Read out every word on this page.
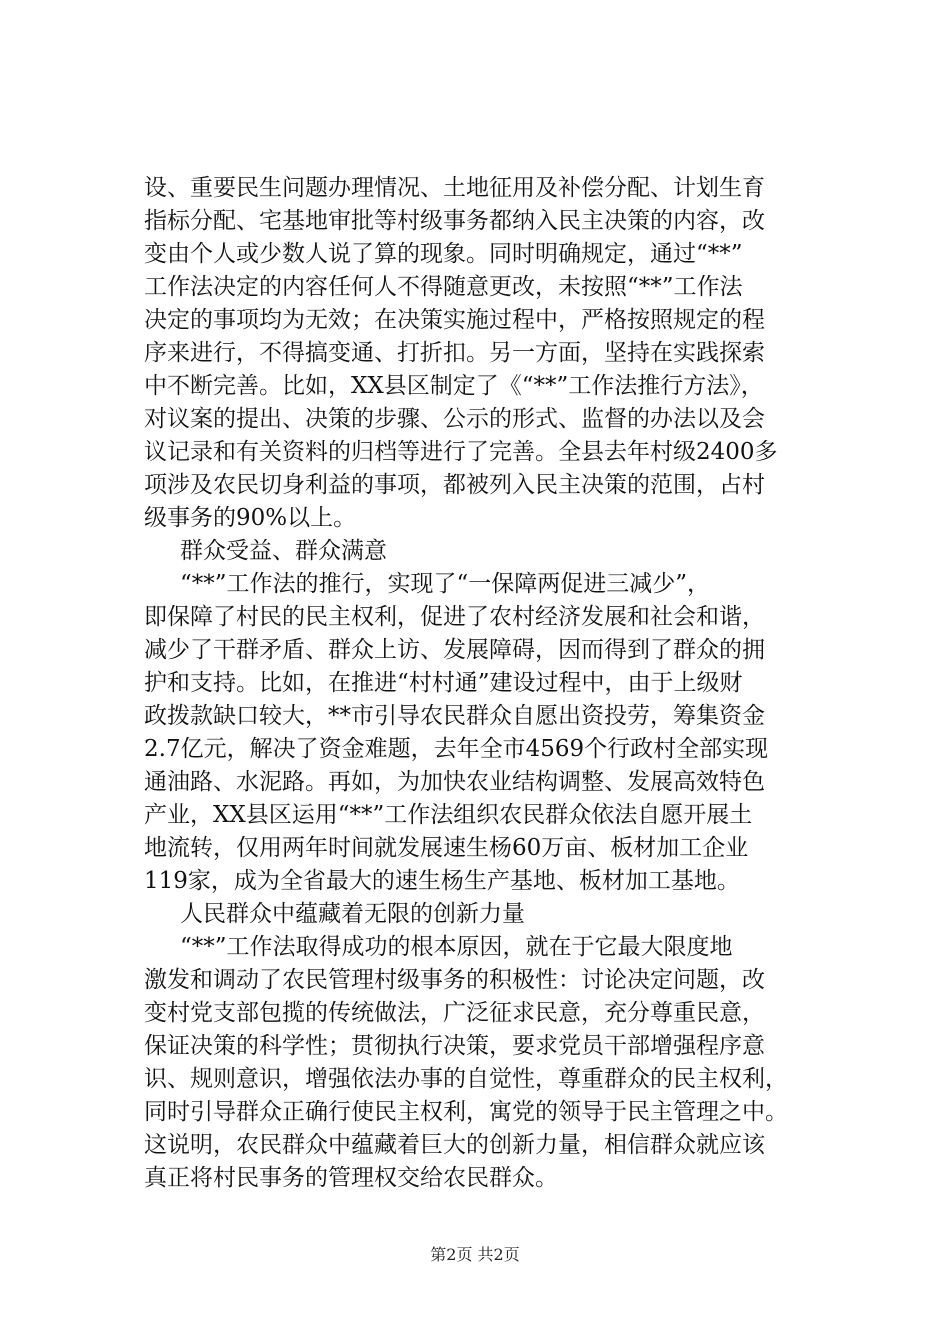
设、重要民生问题办理情况、土地征用及补偿分配、计划生育
指标分配、宅基地审批等村级事务都纳入民主决策的内容，改
变由个人或少数人说了算的现象。同时明确规定，通过“**”
工作法决定的内容任何人不得随意更改，未按照“**”工作法
决定的事项均为无效；在决策实施过程中，严格按照规定的程
序来进行，不得搞变通、打折扣。另一方面，坚持在实践探索
中不断完善。比如，XX县区制定了《“**”工作法推行方法》，
对议案的提出、决策的步骤、公示的形式、监督的办法以及会
议记录和有关资料的归档等进行了完善。全县去年村级2400多
项涉及农民切身利益的事项，都被列入民主决策的范围，占村
级事务的90%以上。
群众受益、群众满意
“**”工作法的推行，实现了“一保障两促进三减少”，
即保障了村民的民主权利，促进了农村经济发展和社会和谐，
减少了干群矛盾、群众上访、发展障碍，因而得到了群众的拥
护和支持。比如，在推进“村村通”建设过程中，由于上级财
政拨款缺口较大，**市引导农民群众自愿出资投劳，筹集资金
2.7亿元，解决了资金难题，去年全市4569个行政村全部实现
通油路、水泥路。再如，为加快农业结构调整、发展高效特色
产业，XX县区运用“**”工作法组织农民群众依法自愿开展土
地流转，仅用两年时间就发展速生杨60万亩、板材加工企业
119家，成为全省最大的速生杨生产基地、板材加工基地。
人民群众中蕴藏着无限的创新力量
“**”工作法取得成功的根本原因，就在于它最大限度地
激发和调动了农民管理村级事务的积极性：讨论决定问题，改
变村党支部包揽的传统做法，广泛征求民意，充分尊重民意，
保证决策的科学性；贯彻执行决策，要求党员干部增强程序意
识、规则意识，增强依法办事的自觉性，尊重群众的民主权利，
同时引导群众正确行使民主权利，寓党的领导于民主管理之中。
这说明，农民群众中蕴藏着巨大的创新力量，相信群众就应该
真正将村民事务的管理权交给农民群众。
第2页 共2页
